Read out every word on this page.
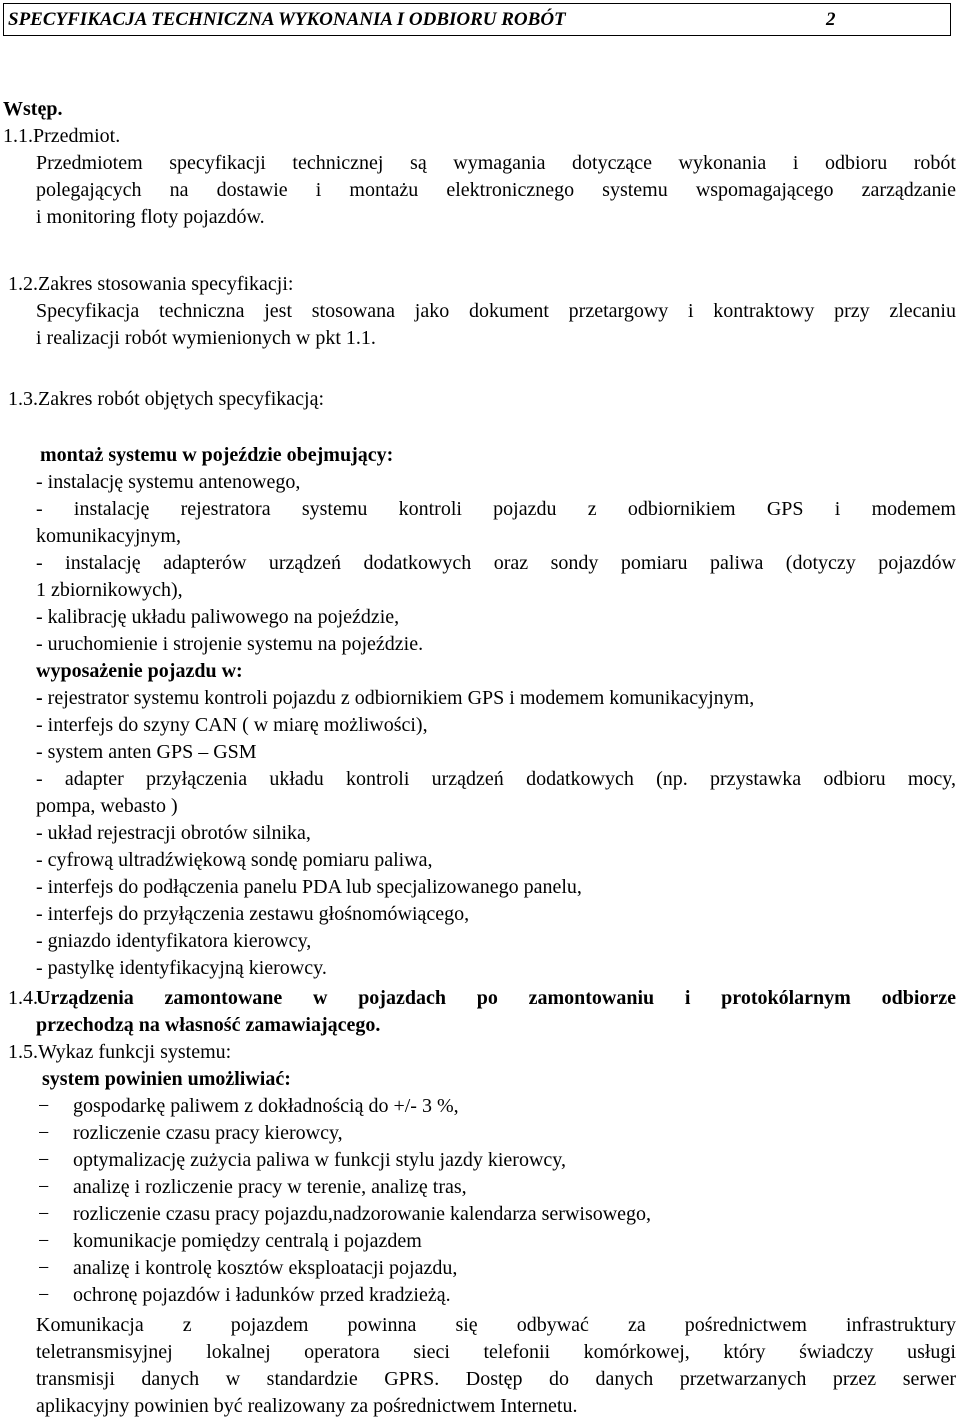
SPECYFIKACJA TECHNICZNA WYKONANIA I ODBIORU ROBÓT	2
Wstęp.
1.1.Przedmiot.
Przedmiotem specyfikacji technicznej są wymagania dotyczące wykonania i odbioru robót
polegających na dostawie i montażu elektronicznego systemu wspomagającego zarządzanie
i monitoring floty pojazdów.
1.2.Zakres stosowania specyfikacji:
Specyfikacja techniczna jest stosowana jako dokument przetargowy i kontraktowy przy zlecaniu
i realizacji robót wymienionych w pkt 1.1.
1.3.Zakres robót objętych specyfikacją:
montaż systemu w pojeździe obejmujący:
- instalację systemu antenowego,
- instalację rejestratora systemu kontroli pojazdu z odbiornikiem GPS i modemem
komunikacyjnym,
- instalację adapterów urządzeń dodatkowych oraz sondy pomiaru paliwa (dotyczy pojazdów
1 zbiornikowych),
- kalibrację układu paliwowego na pojeździe,
- uruchomienie i strojenie systemu na pojeździe.
wyposażenie pojazdu w:
- rejestrator systemu kontroli pojazdu z odbiornikiem GPS i modemem komunikacyjnym,
- interfejs do szyny CAN ( w miarę możliwości),
- system anten GPS – GSM
- adapter przyłączenia układu kontroli urządzeń dodatkowych (np. przystawka odbioru mocy,
pompa, webasto )
- układ rejestracji obrotów silnika,
- cyfrową ultradźwiękową sondę pomiaru paliwa,
- interfejs do podłączenia panelu PDA lub specjalizowanego panelu,
- interfejs do przyłączenia zestawu głośnomówiącego,
- gniazdo identyfikatora kierowcy,
- pastylkę identyfikacyjną kierowcy.
1.4.
Urządzenia zamontowane w pojazdach po zamontowaniu i protokólarnym odbiorze
przechodzą na własność zamawiającego.
1.5.Wykaz funkcji systemu:
system powinien umożliwiać:
− gospodarkę paliwem z dokładnością do +/- 3 %,
− rozliczenie czasu pracy kierowcy,
− optymalizację zużycia paliwa w funkcji stylu jazdy kierowcy,
− analizę i rozliczenie pracy w terenie, analizę tras,
− rozliczenie czasu pracy pojazdu,nadzorowanie kalendarza serwisowego,
− komunikacje pomiędzy centralą i pojazdem
− analizę i kontrolę kosztów eksploatacji pojazdu,
− ochronę pojazdów i ładunków przed kradzieżą.
Komunikacja z pojazdem powinna się odbywać za pośrednictwem infrastruktury
teletransmisyjnej lokalnej operatora sieci telefonii komórkowej, który świadczy usługi
transmisji danych w standardzie GPRS. Dostęp do danych przetwarzanych przez serwer
aplikacyjny powinien być realizowany za pośrednictwem Internetu.
